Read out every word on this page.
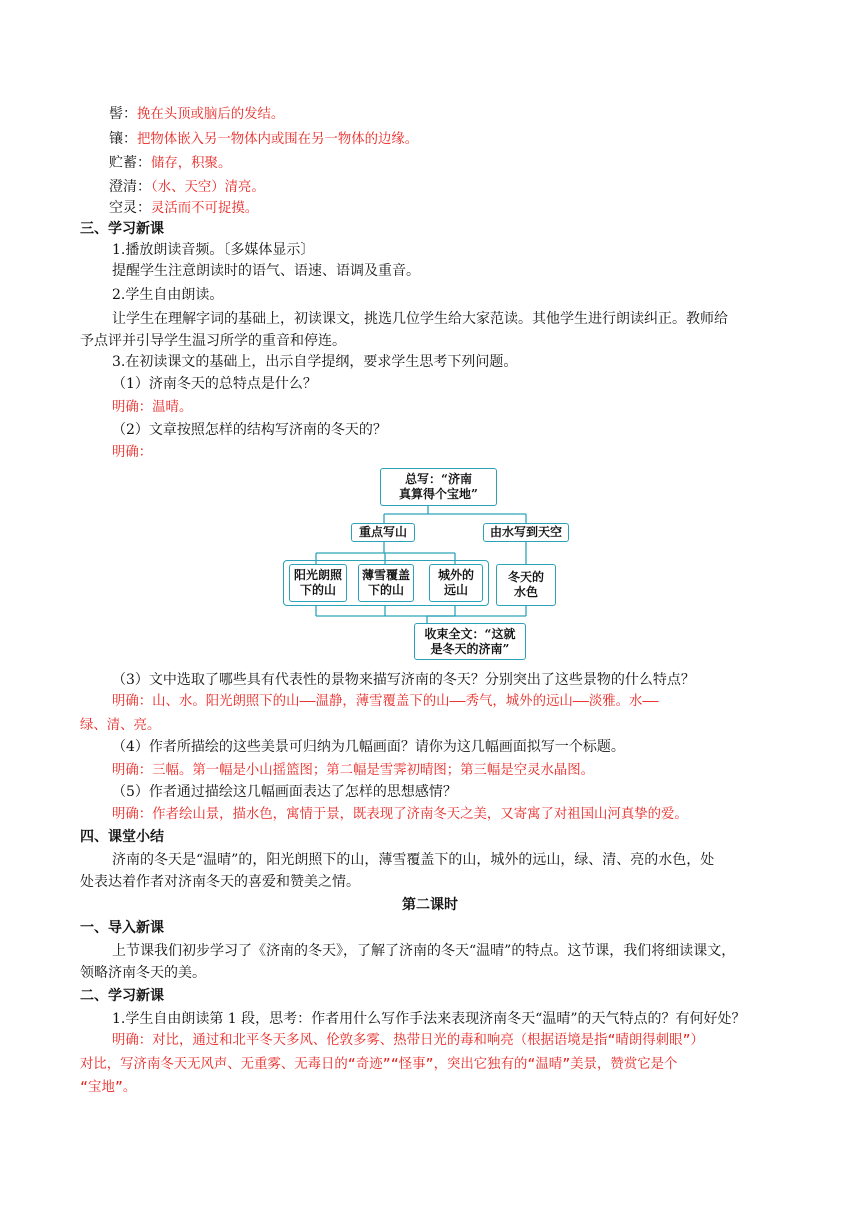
髻：挽在头顶或脑后的发结。
镶：把物体嵌入另一物体内或围在另一物体的边缘。
贮蓄：储存，积聚。
澄清：（水、天空）清亮。
空灵：灵活而不可捉摸。
三、学习新课
1.播放朗读音频。〔多媒体显示〕
提醒学生注意朗读时的语气、语速、语调及重音。
2.学生自由朗读。
让学生在理解字词的基础上，初读课文，挑选几位学生给大家范读。其他学生进行朗读纠正。教师给
予点评并引导学生温习所学的重音和停连。
3.在初读课文的基础上，出示自学提纲，要求学生思考下列问题。
（1）济南冬天的总特点是什么？
明确：温晴。
（2）文章按照怎样的结构写济南的冬天的？
明确：
总写：“济南
真算得个宝地”
重点写山	由水写到天空
阳光朗照
下的山
薄雪覆盖
下的山
城外的
远山
冬天的
水色
收束全文：“这就
是冬天的济南”
（3）文中选取了哪些具有代表性的景物来描写济南的冬天？分别突出了这些景物的什么特点？
明确：山、水。阳光朗照下的山——温静，薄雪覆盖下的山——秀气，城外的远山——淡雅。水——
绿、清、亮。
（4）作者所描绘的这些美景可归纳为几幅画面？请你为这几幅画面拟写一个标题。
明确：三幅。第一幅是小山摇篮图；第二幅是雪霁初晴图；第三幅是空灵水晶图。
（5）作者通过描绘这几幅画面表达了怎样的思想感情？
明确：作者绘山景，描水色，寓情于景，既表现了济南冬天之美，又寄寓了对祖国山河真挚的爱。
四、课堂小结
济南的冬天是“温晴”的，阳光朗照下的山，薄雪覆盖下的山，城外的远山，绿、清、亮的水色，处
处表达着作者对济南冬天的喜爱和赞美之情。
第二课时
一、导入新课
上节课我们初步学习了《济南的冬天》，了解了济南的冬天“温晴”的特点。这节课，我们将细读课文，
领略济南冬天的美。
二、学习新课
1.学生自由朗读第 1 段，思考：作者用什么写作手法来表现济南冬天“温晴”的天气特点的？有何好处？
明确：对比，通过和北平冬天多风、伦敦多雾、热带日光的毒和响亮（根据语境是指“晴朗得刺眼”）
对比，写济南冬天无风声、无重雾、无毒日的“奇迹”“怪事”，突出它独有的“温晴”美景，赞赏它是个
“宝地”。
